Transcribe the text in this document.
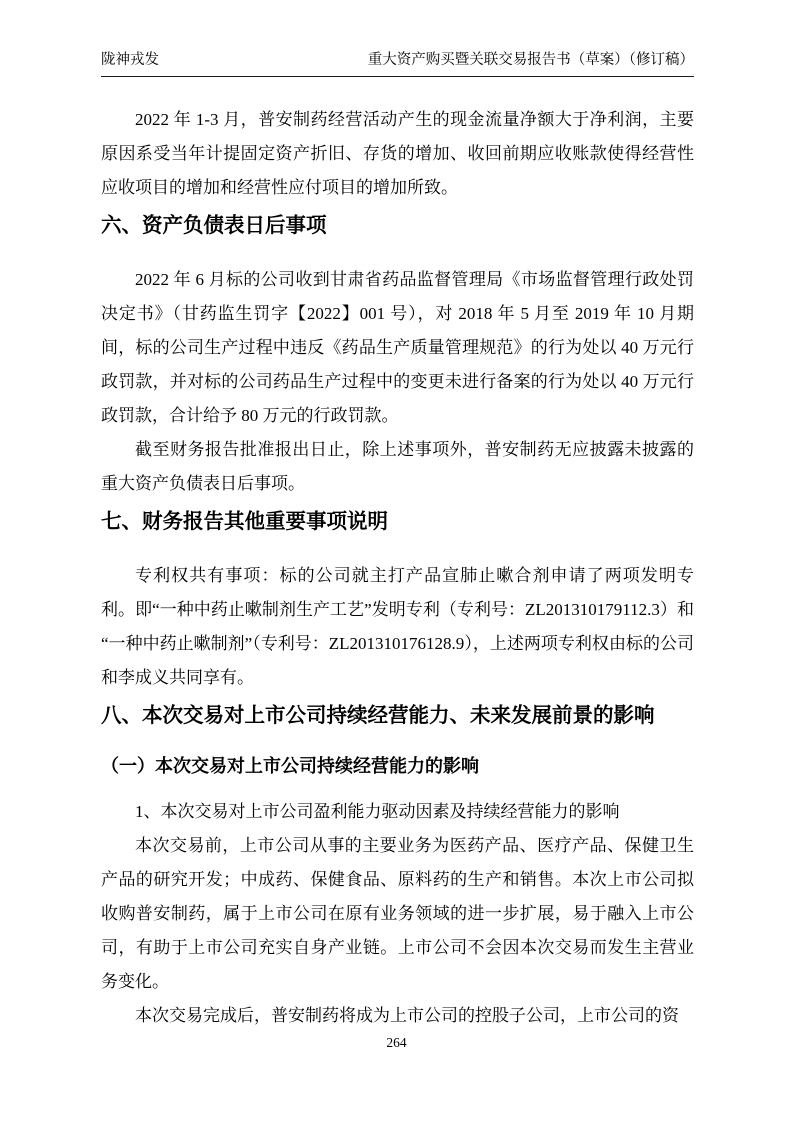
陇神戎发	重大资产购买暨关联交易报告书（草案）（修订稿）

2022 年 1-3 月，普安制药经营活动产生的现金流量净额大于净利润，主要原因系受当年计提固定资产折旧、存货的增加、收回前期应收账款使得经营性应收项目的增加和经营性应付项目的增加所致。

六、资产负债表日后事项

2022 年 6 月标的公司收到甘肃省药品监督管理局《市场监督管理行政处罚决定书》（甘药监生罚字【2022】001 号），对 2018 年 5 月至 2019 年 10 月期间，标的公司生产过程中违反《药品生产质量管理规范》的行为处以 40 万元行政罚款，并对标的公司药品生产过程中的变更未进行备案的行为处以 40 万元行政罚款，合计给予 80 万元的行政罚款。

截至财务报告批准报出日止，除上述事项外，普安制药无应披露未披露的重大资产负债表日后事项。

七、财务报告其他重要事项说明

专利权共有事项：标的公司就主打产品宣肺止嗽合剂申请了两项发明专利。即“一种中药止嗽制剂生产工艺”发明专利（专利号：ZL201310179112.3）和“一种中药止嗽制剂”（专利号：ZL201310176128.9），上述两项专利权由标的公司和李成义共同享有。

八、本次交易对上市公司持续经营能力、未来发展前景的影响
（一）本次交易对上市公司持续经营能力的影响

1、本次交易对上市公司盈利能力驱动因素及持续经营能力的影响

本次交易前，上市公司从事的主要业务为医药产品、医疗产品、保健卫生产品的研究开发；中成药、保健食品、原料药的生产和销售。本次上市公司拟收购普安制药，属于上市公司在原有业务领域的进一步扩展，易于融入上市公司，有助于上市公司充实自身产业链。上市公司不会因本次交易而发生主营业务变化。

本次交易完成后，普安制药将成为上市公司的控股子公司，上市公司的资

264
